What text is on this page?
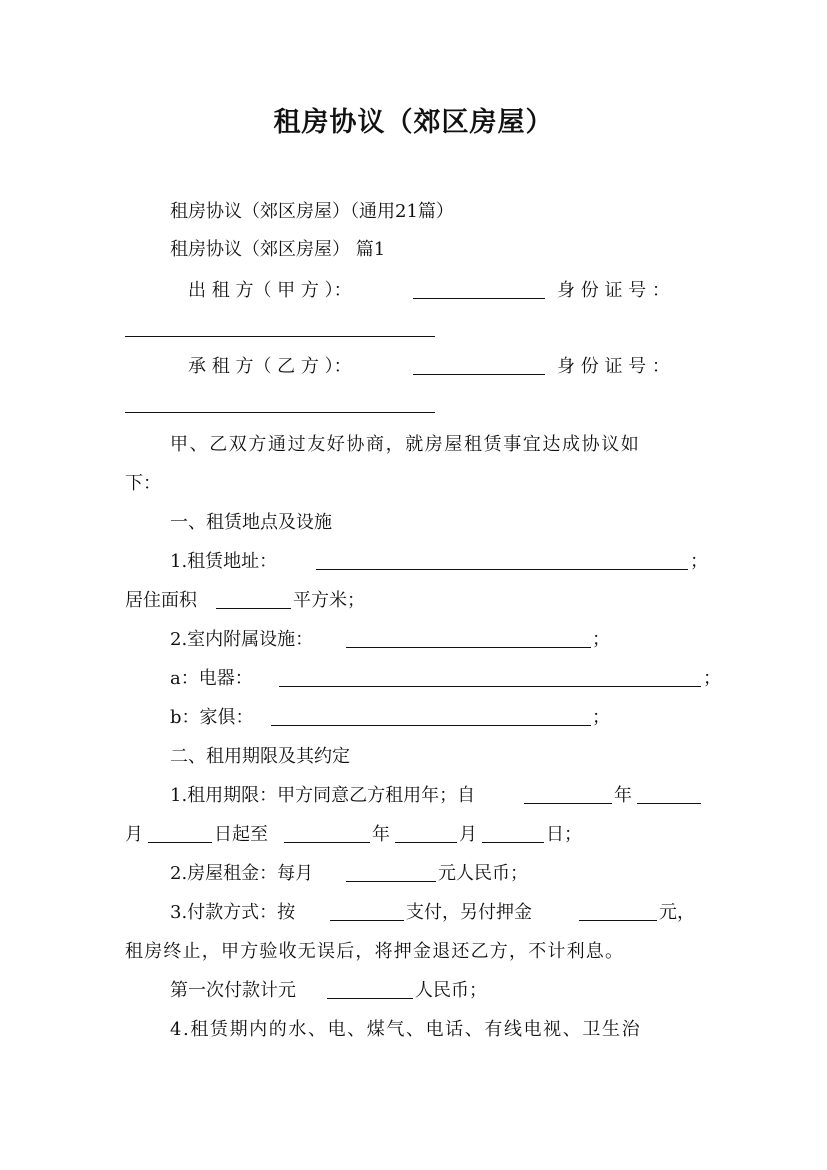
租房协议（郊区房屋）
租房协议（郊区房屋）（通用21篇）
租房协议（郊区房屋） 篇1
出 租 方（ 甲 方 ）：	身 份 证 号 ：
承 租 方（ 乙 方 ）：	身 份 证 号 ：
甲、乙双方通过友好协商，就房屋租赁事宜达成协议如
下：
一、租赁地点及设施
1.租赁地址：	；
居住面积	平方米；
2.室内附属设施：	；
a：电器：	；
b：家俱：	；
二、租用期限及其约定
1.租用期限：甲方同意乙方租用年；自	年
月	日起至	年	月	日；
2.房屋租金：每月	元人民币；
3.付款方式：按	支付，另付押金	元，
租房终止，甲方验收无误后，将押金退还乙方，不计利息。
第一次付款计元	人民币；
4.租赁期内的水、电、煤气、电话、有线电视、卫生治
